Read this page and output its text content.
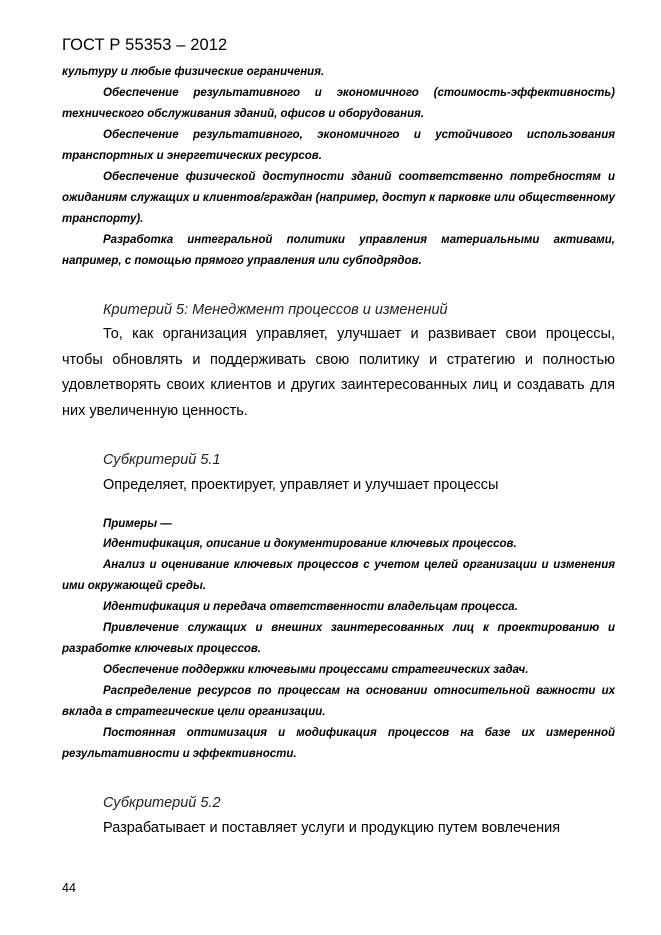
ГОСТ Р 55353 – 2012

культуру и любые физические ограничения.

Обеспечение результативного и экономичного (стоимость-эффективность) технического обслуживания зданий, офисов и оборудования.

Обеспечение результативного, экономичного и устойчивого использования транспортных и энергетических ресурсов.

Обеспечение физической доступности зданий соответственно потребностям и ожиданиям служащих и клиентов/граждан (например, доступ к парковке или общественному транспорту).

Разработка интегральной политики управления материальными активами, например, с помощью прямого управления или субподрядов.

Критерий 5: Менеджмент процессов и изменений

То, как организация управляет, улучшает и развивает свои процессы, чтобы обновлять и поддерживать свою политику и стратегию и полностью удовлетворять своих клиентов и других заинтересованных лиц и создавать для них увеличенную ценность.

Субкритерий 5.1

Определяет, проектирует, управляет и улучшает процессы

Примеры —

Идентификация, описание и документирование ключевых процессов.

Анализ и оценивание ключевых процессов с учетом целей организации и изменения ими окружающей среды.

Идентификация и передача ответственности владельцам процесса.

Привлечение служащих и внешних заинтересованных лиц к проектированию и разработке ключевых процессов.

Обеспечение поддержки ключевыми процессами стратегических задач.

Распределение ресурсов по процессам на основании относительной важности их вклада в стратегические цели организации.

Постоянная оптимизация и модификация процессов на базе их измеренной результативности и эффективности.

Субкритерий 5.2

Разрабатывает и поставляет услуги и продукцию путем вовлечения

44
